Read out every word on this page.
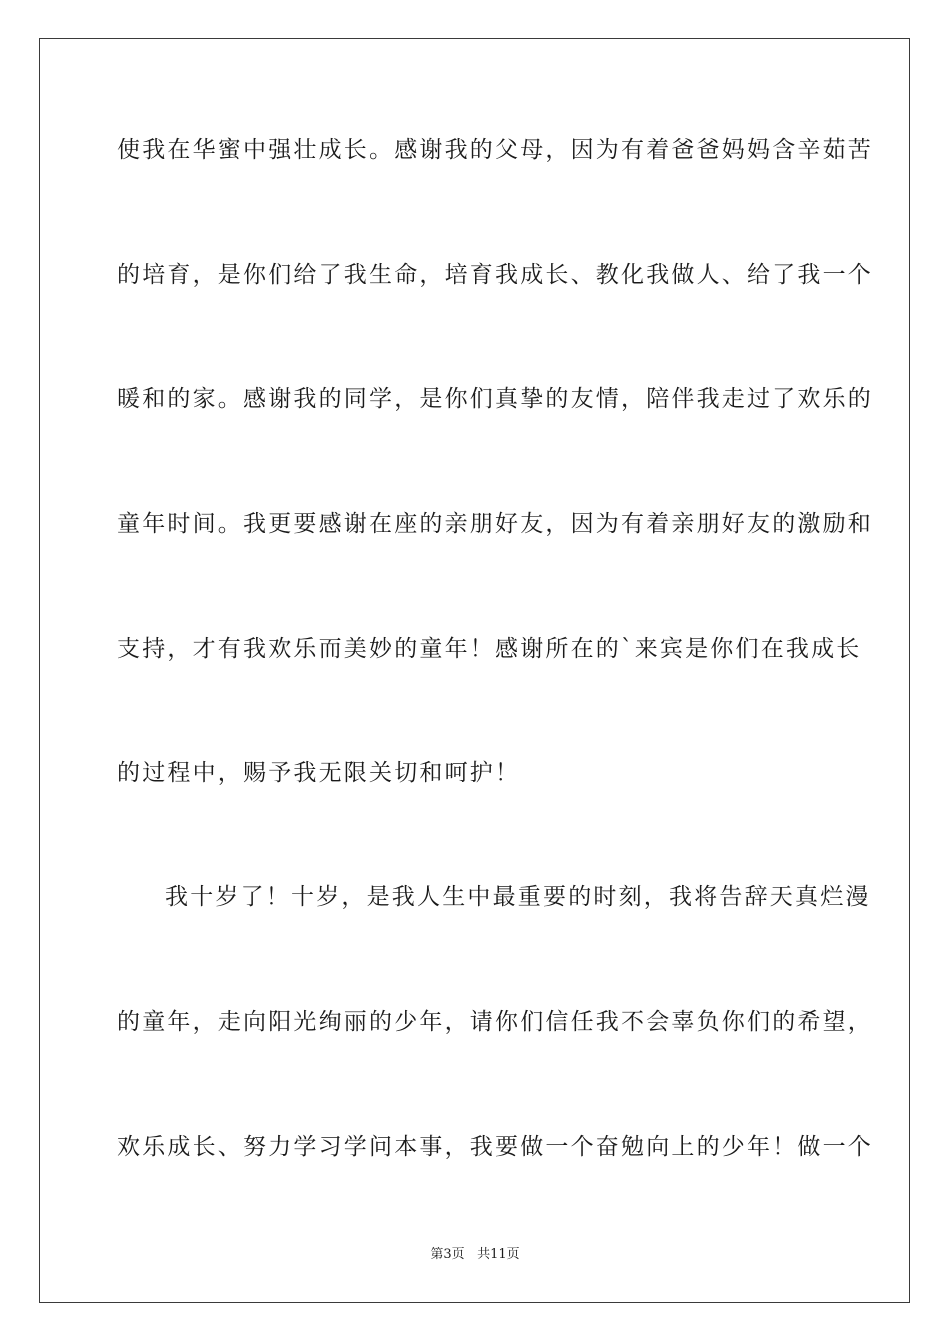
使我在华蜜中强壮成长。感谢我的父母，因为有着爸爸妈妈含辛茹苦
的培育，是你们给了我生命，培育我成长、教化我做人、给了我一个
暖和的家。感谢我的同学，是你们真挚的友情，陪伴我走过了欢乐的
童年时间。我更要感谢在座的亲朋好友，因为有着亲朋好友的激励和
支持，才有我欢乐而美妙的童年！感谢所在的`来宾是你们在我成长
的过程中，赐予我无限关切和呵护！
我十岁了！十岁，是我人生中最重要的时刻，我将告辞天真烂漫
的童年，走向阳光绚丽的少年，请你们信任我不会辜负你们的希望，
欢乐成长、努力学习学问本事，我要做一个奋勉向上的少年！做一个
第3页 共11页
